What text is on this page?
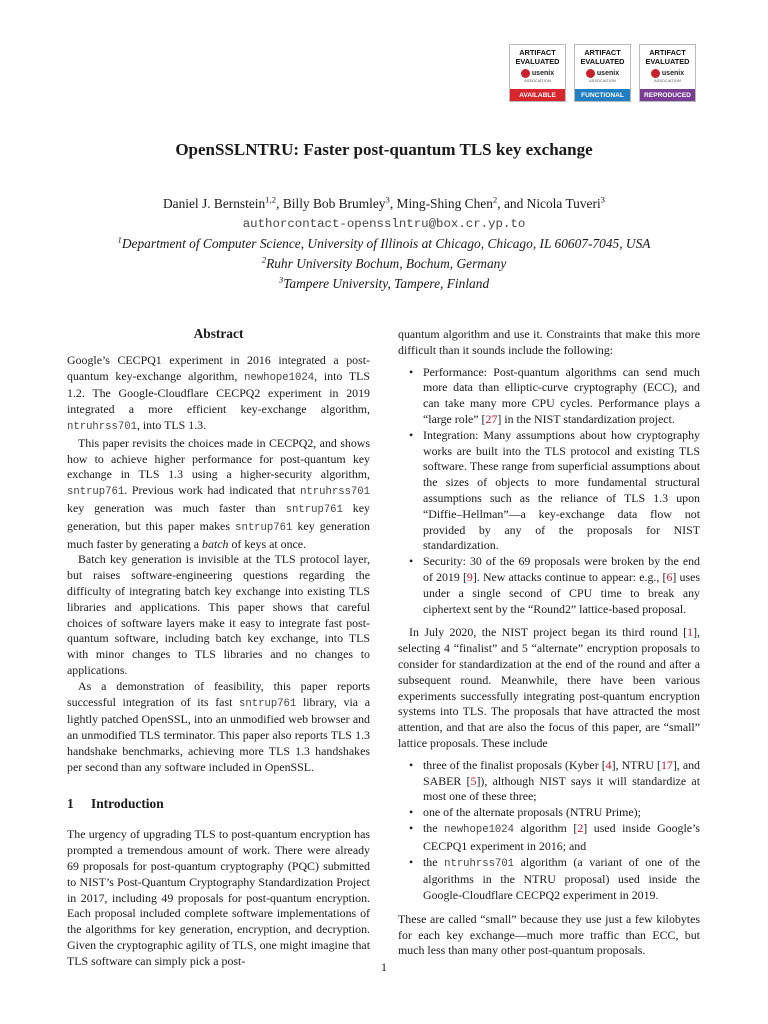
ARTIFACT
EVALUATED
usenix
ASSOCIATION
AVAILABLE
ARTIFACT
EVALUATED
usenix
ASSOCIATION
FUNCTIONAL
ARTIFACT
EVALUATED
usenix
ASSOCIATION
REPRODUCED
OpenSSLNTRU: Faster post-quantum TLS key exchange
Daniel J. Bernstein$^{1,2}$, Billy Bob Brumley$^3$, Ming-Shing Chen$^2$, and Nicola Tuveri$^3$
authorcontact-opensslntru@box.cr.yp.to
$^1$Department of Computer Science, University of Illinois at Chicago, Chicago, IL 60607-7045, USA
$^2$Ruhr University Bochum, Bochum, Germany
$^3$Tampere University, Tampere, Finland
Abstract

Google’s CECPQ1 experiment in 2016 integrated a post-quantum key-exchange algorithm, newhope1024, into TLS 1.2. The Google-Cloudflare CECPQ2 experiment in 2019 integrated a more efficient key-exchange algorithm, ntruhrss701, into TLS 1.3.

This paper revisits the choices made in CECPQ2, and shows how to achieve higher performance for post-quantum key exchange in TLS 1.3 using a higher-security algorithm, sntrup761. Previous work had indicated that ntruhrss701 key generation was much faster than sntrup761 key generation, but this paper makes sntrup761 key generation much faster by generating a batch of keys at once.

Batch key generation is invisible at the TLS protocol layer, but raises software-engineering questions regarding the difficulty of integrating batch key exchange into existing TLS libraries and applications. This paper shows that careful choices of software layers make it easy to integrate fast post-quantum software, including batch key exchange, into TLS with minor changes to TLS libraries and no changes to applications.

As a demonstration of feasibility, this paper reports successful integration of its fast sntrup761 library, via a lightly patched OpenSSL, into an unmodified web browser and an unmodified TLS terminator. This paper also reports TLS 1.3 handshake benchmarks, achieving more TLS 1.3 handshakes per second than any software included in OpenSSL.

1 Introduction

The urgency of upgrading TLS to post-quantum encryption has prompted a tremendous amount of work. There were already 69 proposals for post-quantum cryptography (PQC) submitted to NIST’s Post-Quantum Cryptography Standardization Project in 2017, including 49 proposals for post-quantum encryption. Each proposal included complete software implementations of the algorithms for key generation, encryption, and decryption. Given the cryptographic agility of TLS, one might imagine that TLS software can simply pick a post-

quantum algorithm and use it. Constraints that make this more difficult than it sounds include the following:

• Performance: Post-quantum algorithms can send much more data than elliptic-curve cryptography (ECC), and can take many more CPU cycles. Performance plays a “large role” [27] in the NIST standardization project.
• Integration: Many assumptions about how cryptography works are built into the TLS protocol and existing TLS software. These range from superficial assumptions about the sizes of objects to more fundamental structural assumptions such as the reliance of TLS 1.3 upon “Diffie–Hellman”—a key-exchange data flow not provided by any of the proposals for NIST standardization.
• Security: 30 of the 69 proposals were broken by the end of 2019 [9]. New attacks continue to appear: e.g., [6] uses under a single second of CPU time to break any ciphertext sent by the “Round2” lattice-based proposal.

In July 2020, the NIST project began its third round [1], selecting 4 “finalist” and 5 “alternate” encryption proposals to consider for standardization at the end of the round and after a subsequent round. Meanwhile, there have been various experiments successfully integrating post-quantum encryption systems into TLS. The proposals that have attracted the most attention, and that are also the focus of this paper, are “small” lattice proposals. These include

• three of the finalist proposals (Kyber [4], NTRU [17], and SABER [5]), although NIST says it will standardize at most one of these three;
• one of the alternate proposals (NTRU Prime);
• the newhope1024 algorithm [2] used inside Google’s CECPQ1 experiment in 2016; and
• the ntruhrss701 algorithm (a variant of one of the algorithms in the NTRU proposal) used inside the Google-Cloudflare CECPQ2 experiment in 2019.

These are called “small” because they use just a few kilobytes for each key exchange—much more traffic than ECC, but much less than many other post-quantum proposals.

1
